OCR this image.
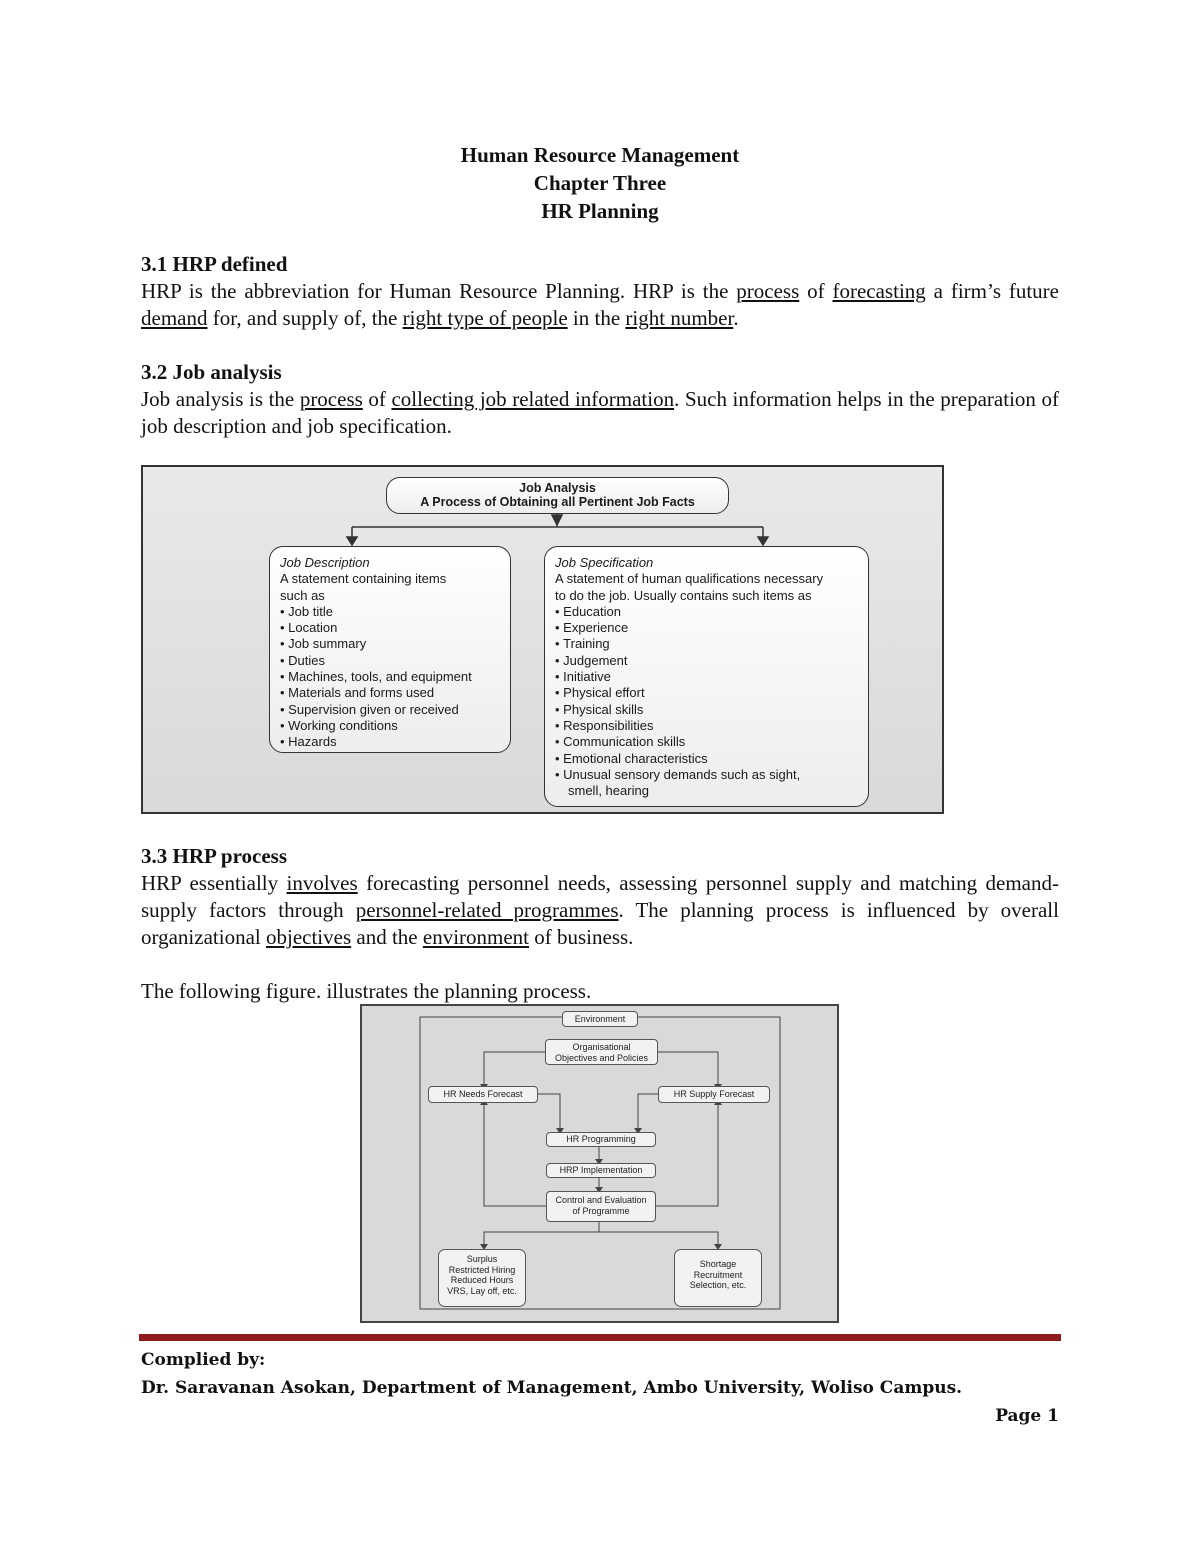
Human Resource Management
Chapter Three
HR Planning
3.1 HRP defined

HRP is the abbreviation for Human Resource Planning. HRP is the process of forecasting a firm’s future demand for, and supply of, the right type of people in the right number.

3.2 Job analysis

Job analysis is the process of collecting job related information. Such information helps in the preparation of job description and job specification.

Job Analysis
A Process of Obtaining all Pertinent Job Facts
Job Description
A statement containing items
such as
• Job title
• Location
• Job summary
• Duties
• Machines, tools, and equipment
• Materials and forms used
• Supervision given or received
• Working conditions
• Hazards
Job Specification
A statement of human qualifications necessary
to do the job. Usually contains such items as
• Education
• Experience
• Training
• Judgement
• Initiative
• Physical effort
• Physical skills
• Responsibilities
• Communication skills
• Emotional characteristics
• Unusual sensory demands such as sight,
smell, hearing
3.3 HRP process

HRP essentially involves forecasting personnel needs, assessing personnel supply and matching demand-supply factors through personnel-related programmes. The planning process is influenced by overall organizational objectives and the environment of business.

The following figure. illustrates the planning process.

Environment
Organisational
Objectives and Policies
HR Needs Forecast	HR Supply Forecast
HR Programming
HRP Implementation
Control and Evaluation
of Programme
Surplus
Restricted Hiring
Reduced Hours
VRS, Lay off, etc.
Shortage
Recruitment
Selection, etc.
Complied by:
Dr. Saravanan Asokan, Department of Management, Ambo University, Woliso Campus.
Page 1
